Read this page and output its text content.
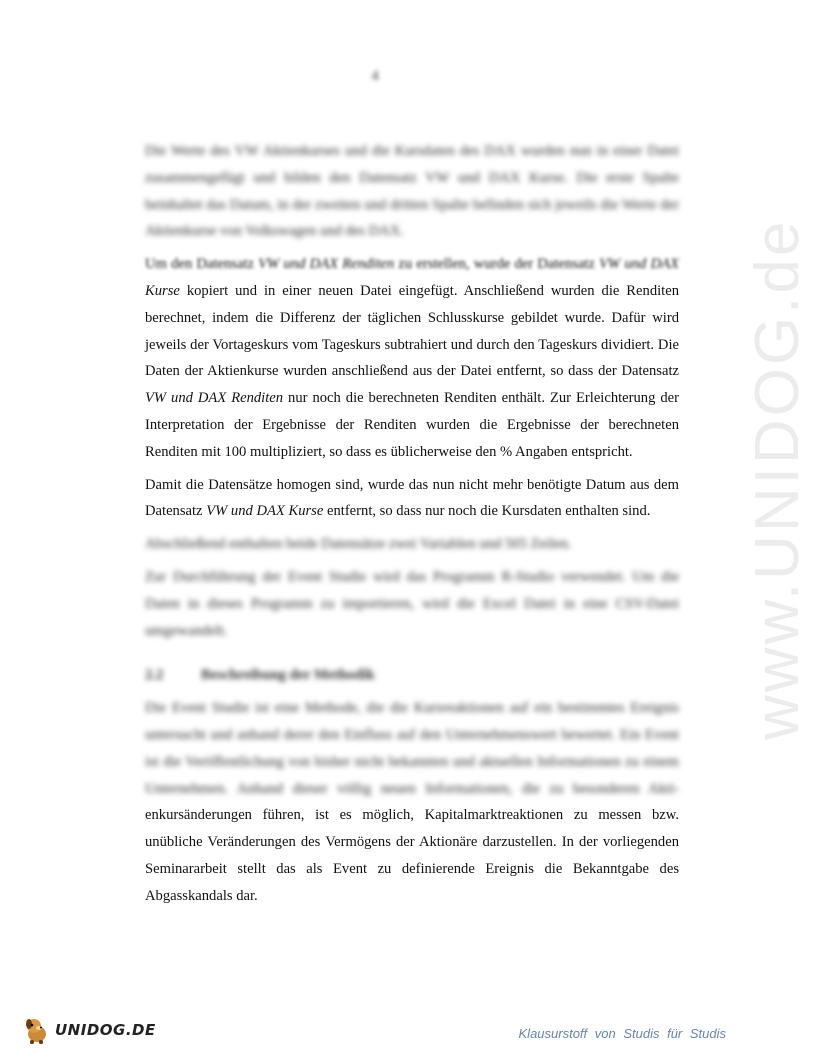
4
www.UNIDOG.de

Die Werte des VW Aktienkurses und die Kursdaten des DAX wurden nun in einer Datei zusammengefügt und bilden den Datensatz VW und DAX Kurse. Die erste Spalte beinhaltet das Datum, in der zweiten und dritten Spalte befinden sich jeweils die Werte der Aktienkurse von Volkswagen und des DAX.

Um den Datensatz VW und DAX Renditen zu erstellen, wurde der Datensatz VW und DAX Kurse kopiert und in einer neuen Datei eingefügt. Anschließend wurden die Renditen berechnet, indem die Differenz der täglichen Schlusskurse gebildet wurde. Dafür wird jeweils der Vortageskurs vom Tageskurs subtrahiert und durch den Tageskurs dividiert. Die Daten der Aktienkurse wurden anschließend aus der Datei entfernt, so dass der Datensatz VW und DAX Renditen nur noch die berechneten Renditen enthält. Zur Erleichterung der Interpretation der Ergebnisse der Renditen wurden die Ergebnisse der berechneten Renditen mit 100 multipliziert, so dass es üblicherweise den % Angaben entspricht.

Damit die Datensätze homogen sind, wurde das nun nicht mehr benötigte Datum aus dem Datensatz VW und DAX Kurse entfernt, so dass nur noch die Kursdaten enthalten sind.

Abschließend enthalten beide Datensätze zwei Variablen und 505 Zeilen.

Zur Durchführung der Event Studie wird das Programm R-Studio verwendet. Um die Daten in dieses Programm zu importieren, wird die Excel Datei in eine CSV-Datei umgewandelt.

2.2	Beschreibung der Methodik

Die Event Studie ist eine Methode, die die Kursreaktionen auf ein bestimmtes Ereignis untersucht und anhand derer den Einfluss auf den Unternehmenswert bewertet. Ein Event ist die Veröffentlichung von bisher nicht bekannten und aktuellen Informationen zu einem Unternehmen. Anhand dieser völlig neuen Informationen, die zu besonderen Akti-enkursänderungen führen, ist es möglich, Kapitalmarktreaktionen zu messen bzw. unübliche Veränderungen des Vermögens der Aktionäre darzustellen. In der vorliegenden Seminararbeit stellt das als Event zu definierende Ereignis die Bekanntgabe des Abgasskandals dar.

UNIDOG.DE	Klausurstoff von Studis für Studis
